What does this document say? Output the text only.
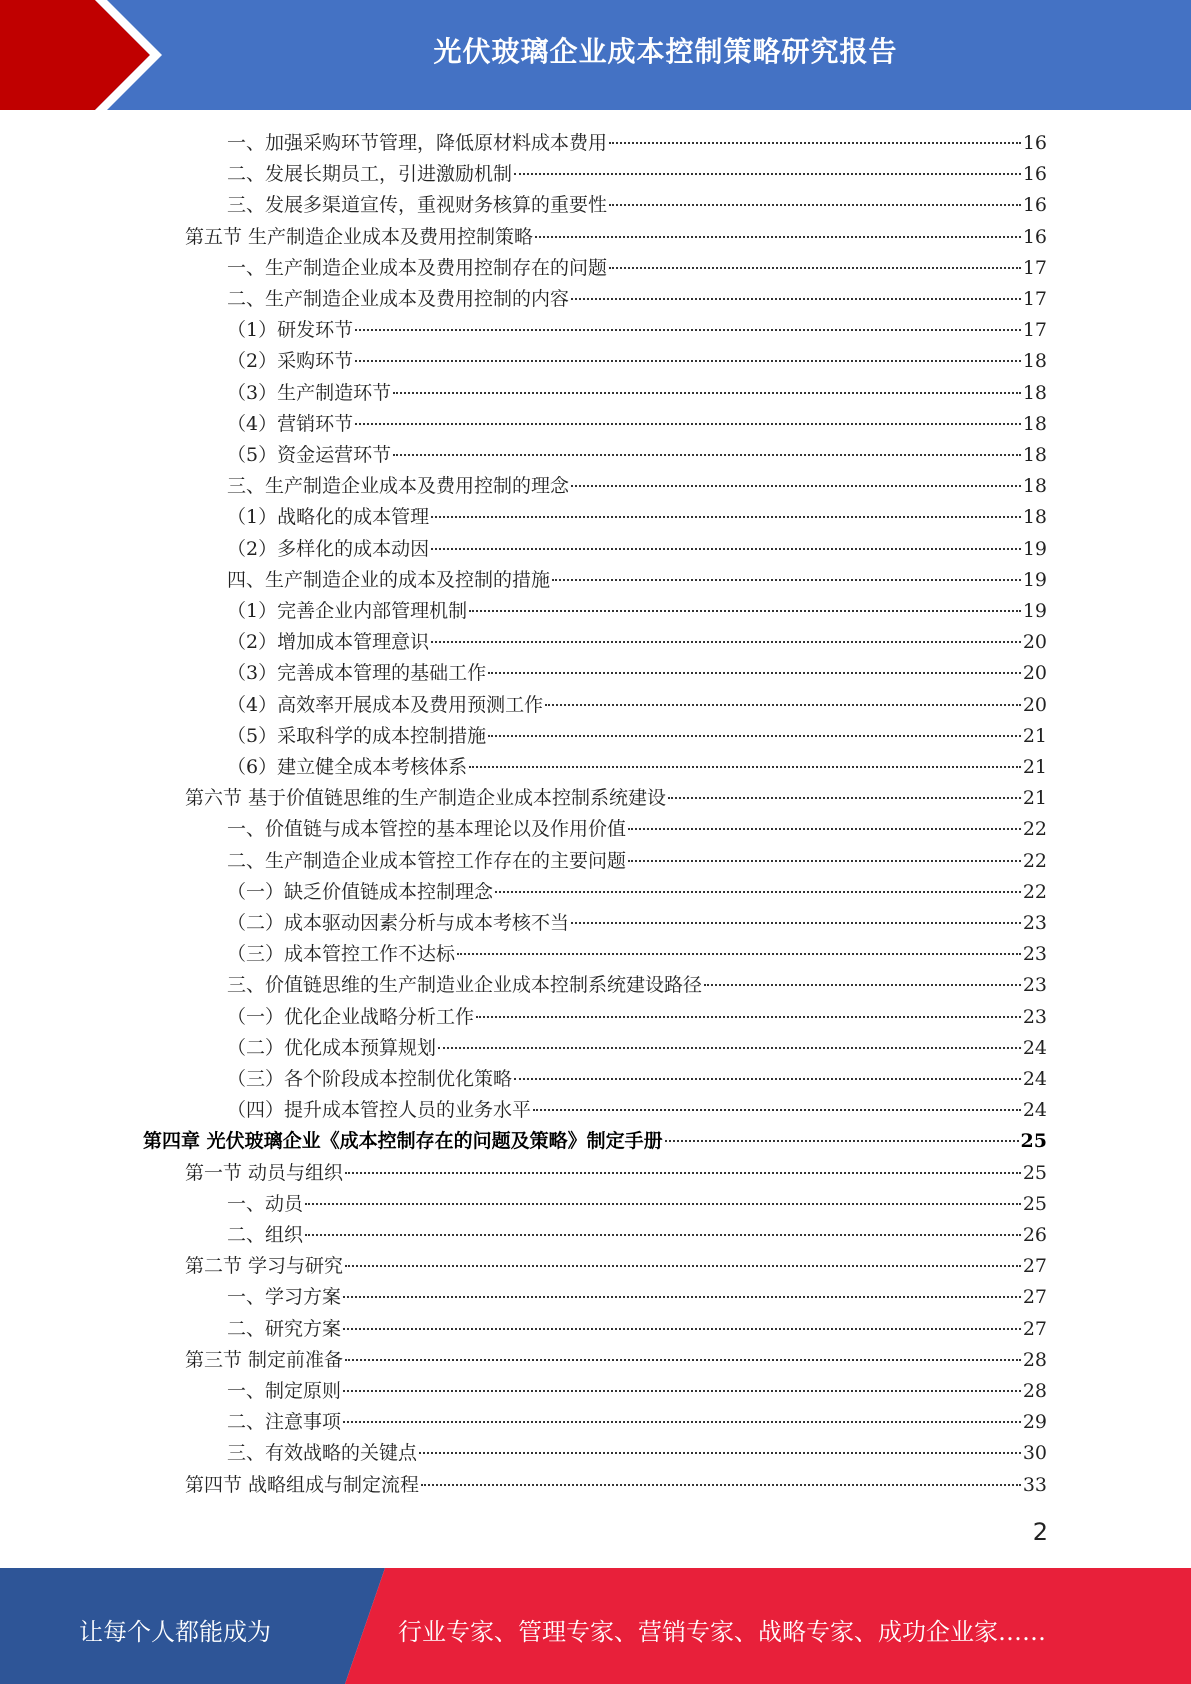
光伏玻璃企业成本控制策略研究报告
一、加强采购环节管理，降低原材料成本费用	16
二、发展长期员工，引进激励机制	16
三、发展多渠道宣传，重视财务核算的重要性	16
第五节 生产制造企业成本及费用控制策略	16
一、生产制造企业成本及费用控制存在的问题	17
二、生产制造企业成本及费用控制的内容	17
（1）研发环节	17
（2）采购环节	18
（3）生产制造环节	18
（4）营销环节	18
（5）资金运营环节	18
三、生产制造企业成本及费用控制的理念	18
（1）战略化的成本管理	18
（2）多样化的成本动因	19
四、生产制造企业的成本及控制的措施	19
（1）完善企业内部管理机制	19
（2）增加成本管理意识	20
（3）完善成本管理的基础工作	20
（4）高效率开展成本及费用预测工作	20
（5）采取科学的成本控制措施	21
（6）建立健全成本考核体系	21
第六节 基于价值链思维的生产制造企业成本控制系统建设	21
一、价值链与成本管控的基本理论以及作用价值	22
二、生产制造企业成本管控工作存在的主要问题	22
（一）缺乏价值链成本控制理念	22
（二）成本驱动因素分析与成本考核不当	23
（三）成本管控工作不达标	23
三、价值链思维的生产制造业企业成本控制系统建设路径	23
（一）优化企业战略分析工作	23
（二）优化成本预算规划	24
（三）各个阶段成本控制优化策略	24
（四）提升成本管控人员的业务水平	24
第四章 光伏玻璃企业《成本控制存在的问题及策略》制定手册	25
第一节 动员与组织	25
一、动员	25
二、组织	26
第二节 学习与研究	27
一、学习方案	27
二、研究方案	27
第三节 制定前准备	28
一、制定原则	28
二、注意事项	29
三、有效战略的关键点	30
第四节 战略组成与制定流程	33
2
让每个人都能成为	行业专家、管理专家、营销专家、战略专家、成功企业家……
